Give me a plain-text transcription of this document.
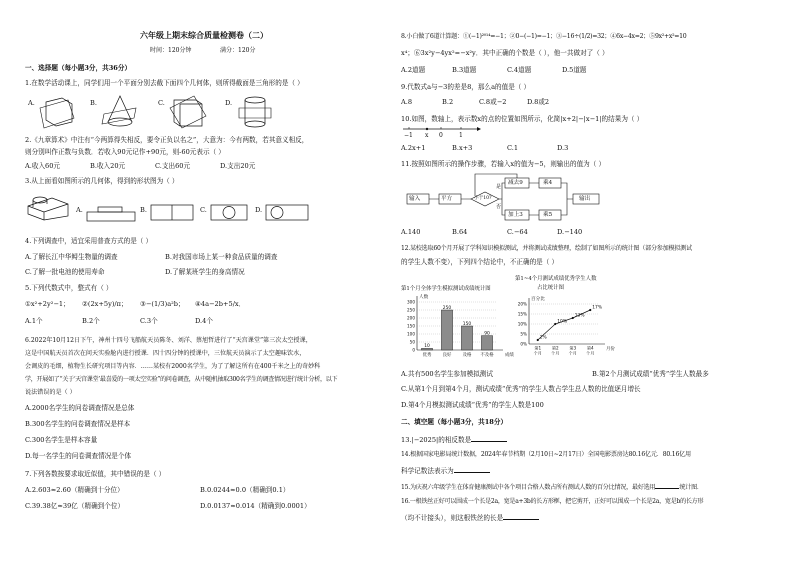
六年级上期末综合质量检测卷（二）
时间：120分钟	满分：120分
一、选择题（每小题3分，共36分）
1.在数学活动课上，同学们用一个平面分别去截下面四个几何体，则所得截面是三角形的是（ ）
A.	B.	C.	D.
2.《九章算术》中注有“今两算得失相反，要令正负以名之”，大意为：今有两数，若其意义相反，
则分别叫作正数与负数．若收入90元记作+90元，则-60元表示（ ）
A.收入60元	B.收入20元	C.支出60元	D.支出20元
3.从上面看如图所示的几何体，得到的形状图为（ ）
A.	B.	C.	D.
4.下列调查中，适宜采用普查方式的是（ ）
A.了解长江中华鲟生物量的调查	B.对我国市场上某一种食品质量的调查
C.了解一批电池的使用寿命	D.了解某班学生的身高情况
5.下列代数式中，整式有（ ）
①x²+2y²−1； ②(2x+5y)/π； ③−(1/3)a²b； ④4a−2b+5/x．
A.1个	B.2个	C.3个	D.4个
6.2022年10月12日下午，神州十四号飞船航天员陈冬、刘洋、蔡旭哲进行了“天宫课堂”第三次太空授课，
这是中国航天员首次在问天实验舱内进行授课．四十四分钟的授课中，三位航天员演示了太空趣味饮水，
会调皮的毛细，植物生长研究项目等内容．……某校有2000名学生，为了了解这所有在400千米之上的奇妙科
学，开展如了“关于‘天宫课堂’最喜爱的一项太空实验”的问卷调查，从中随机抽取300名学生的调查情况进行统计分析，以下
说法错误的是（ ）
A.2000名学生的问卷调查情况是总体
B.300名学生的问卷调查情况是样本
C.300名学生是样本容量
D.每一名学生的问卷调查情况是个体
7.下列各数按要求取近似值，其中错误的是（ ）
A.2.603≈2.60（精确到十分位）	B.0.0244≈0.0（精确到0.1）
C.39.38亿≈39亿（精确到个位）	D.0.0137≈0.014（精确到0.0001）
8.小白做了6道计算题：①(−1)²⁰¹⁴=−1；②0−(−1)=−1；③−16÷(1/2)=32；④6x−4x=2；⑤9x²+x²=10
x⁴；⑥3x²y−4yx²=−x²y．其中正确的个数是（ ），他一共做对了（ ）
A.2道题	B.3道题	C.4道题	D.5道题
9.代数式a与−3的差是8，那么a的值是（ ）
A.8	B.2	C.8或−2	D.8或2
10.如图，数轴上，表示数x的点的位置如图所示，化简|x+2|−|x−1|的结果为（ ）
−1 x 0	1
A.2x+1	B.x+3	C.1	D.3
11.按照如图所示的操作步骤，若输入x的值为−5，则输出的值为（ ）
输入	平方	小于10?
是
否
减去9	乘4
加上3	乘5
输出
A.140	B.64	C.−64	D.−140
12.某校选取60个月开展了学科知识模拟测试，并将测试成绩整理，绘制了如图所示的统计图（部分参加模拟测试
的学生人数不变），下列四个结论中，不正确的是（ ）
第1~4个月测试成绩优秀学生人数
占比统计图
第1个月全体学生模拟测试成绩统计图
人数
0
50
100
150
200
250
300
10
优秀
250
良好
150
及格
90
不及格	成绩
百分比
0%
5%
10%
15%
20%
2%
第1
个月
10%
第2
个月
13%
第3
个月
17%
第4
个月
月份
A.共有500名学生参加模拟测试	B.第2个月测试成绩“优秀”学生人数最多
C.从第1个月到第4个月，测试成绩“优秀”的学生人数占学生总人数的比值逐月增长
D.第4个月模拟测试成绩“优秀”的学生人数是100
二、填空题（每小题3分，共18分）
13.|−2025|的相反数是
14.根据国家电影局统计数据，2024年春节档期（2月10日~2月17日）全国电影票房达80.16亿元．80.16亿用
科学记数法表示为
15.为庆祝六年级学生在体育健康测试中各个项目合格人数占所有测试人数的百分比情况，最好选用	统计图．
16.一根铁丝正好可以围成一个长是2a，宽是a+3b的长方形框，把它剪开，正好可以围成一个长是2a，宽是b的长方形
（均不计接头），则这根铁丝的长是
